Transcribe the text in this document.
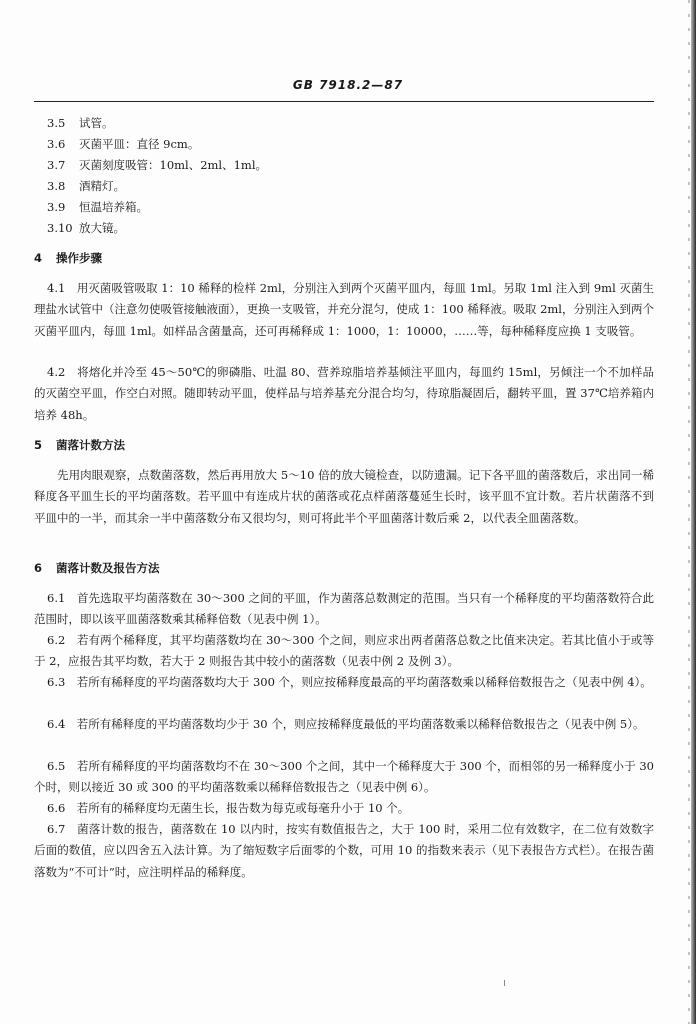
GB 7918.2—87
3.5 试管。
3.6 灭菌平皿：直径 9cm。
3.7 灭菌刻度吸管：10ml、2ml、1ml。
3.8 酒精灯。
3.9 恒温培养箱。
3.10 放大镜。
4 操作步骤
4.1　用灭菌吸管吸取 1：10 稀释的检样 2ml，分别注入到两个灭菌平皿内，每皿 1ml。另取 1ml 注入到 9ml 灭菌生理盐水试管中（注意勿使吸管接触液面），更换一支吸管，并充分混匀，使成 1：100 稀释液。吸取 2ml，分别注入到两个灭菌平皿内，每皿 1ml。如样品含菌量高，还可再稀释成 1：1000，1：10000，……等，每种稀释度应换 1 支吸管。
4.2　将熔化并冷至 45～50℃的卵磷脂、吐温 80、营养琼脂培养基倾注平皿内，每皿约 15ml，另倾注一个不加样品的灭菌空平皿，作空白对照。随即转动平皿，使样品与培养基充分混合均匀，待琼脂凝固后，翻转平皿，置 37℃培养箱内培养 48h。
5 菌落计数方法
先用肉眼观察，点数菌落数，然后再用放大 5～10 倍的放大镜检查，以防遗漏。记下各平皿的菌落数后，求出同一稀释度各平皿生长的平均菌落数。若平皿中有连成片状的菌落或花点样菌落蔓延生长时，该平皿不宜计数。若片状菌落不到平皿中的一半，而其余一半中菌落数分布又很均匀，则可将此半个平皿菌落计数后乘 2，以代表全皿菌落数。
6 菌落计数及报告方法
6.1　首先选取平均菌落数在 30～300 之间的平皿，作为菌落总数测定的范围。当只有一个稀释度的平均菌落数符合此范围时，即以该平皿菌落数乘其稀释倍数（见表中例 1）。
6.2　若有两个稀释度，其平均菌落数均在 30～300 个之间，则应求出两者菌落总数之比值来决定。若其比值小于或等于 2，应报告其平均数，若大于 2 则报告其中较小的菌落数（见表中例 2 及例 3）。
6.3　若所有稀释度的平均菌落数均大于 300 个，则应按稀释度最高的平均菌落数乘以稀释倍数报告之（见表中例 4）。
6.4　若所有稀释度的平均菌落数均少于 30 个，则应按稀释度最低的平均菌落数乘以稀释倍数报告之（见表中例 5）。
6.5　若所有稀释度的平均菌落数均不在 30～300 个之间，其中一个稀释度大于 300 个，而相邻的另一稀释度小于 30 个时，则以接近 30 或 300 的平均菌落数乘以稀释倍数报告之（见表中例 6）。
6.6　若所有的稀释度均无菌生长，报告数为每克或每毫升小于 10 个。
6.7　菌落计数的报告，菌落数在 10 以内时，按实有数值报告之，大于 100 时，采用二位有效数字，在二位有效数字后面的数值，应以四舍五入法计算。为了缩短数字后面零的个数，可用 10 的指数来表示（见下表报告方式栏）。在报告菌落数为“不可计”时，应注明样品的稀释度。
